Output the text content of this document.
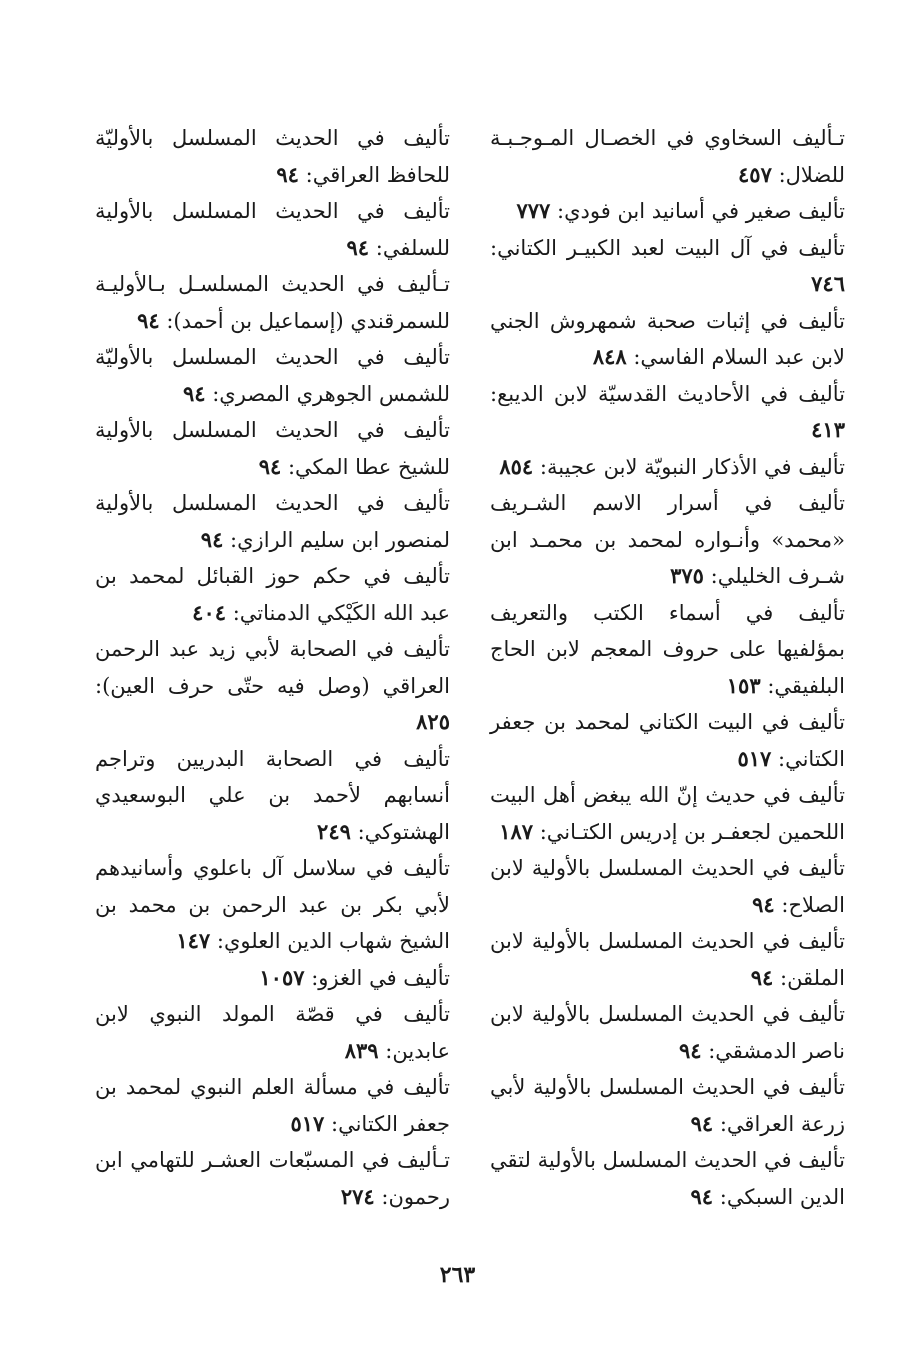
تـأليف السخاوي في الخصـال المـوجـبـة للضلال: ٤٥٧

تأليف صغير في أسانيد ابن فودي: ٧٧٧

تأليف في آل البيت لعبد الكبيـر الكتاني: ٧٤٦

تأليف في إثبات صحبة شمهروش الجني لابن عبد السلام الفاسي: ٨٤٨

تأليف في الأحاديث القدسيّة لابن الديبع: ٤١٣

تأليف في الأذكار النبويّة لابن عجيبة: ٨٥٤

تأليف في أسرار الاسم الشـريف «محمد» وأنـواره لمحمد بن محمـد ابن شـرف الخليلي: ٣٧٥

تأليف في أسماء الكتب والتعريف بمؤلفيها على حروف المعجم لابن الحاج البلفيقي: ١٥٣

تأليف في البيت الكتاني لمحمد بن جعفر الكتاني: ٥١٧

تأليف في حديث إنّ الله يبغض أهل البيت اللحمين لجعفـر بن إدريس الكتـاني: ١٨٧

تأليف في الحديث المسلسل بالأولية لابن الصلاح: ٩٤

تأليف في الحديث المسلسل بالأولية لابن الملقن: ٩٤

تأليف في الحديث المسلسل بالأولية لابن ناصر الدمشقي: ٩٤

تأليف في الحديث المسلسل بالأولية لأبي زرعة العراقي: ٩٤

تأليف في الحديث المسلسل بالأولية لتقي الدين السبكي: ٩٤

تأليف في الحديث المسلسل بالأوليّة للحافظ العراقي: ٩٤

تأليف في الحديث المسلسل بالأولية للسلفي: ٩٤

تـأليف في الحديث المسلسـل بـالأوليـة للسمرقندي (إسماعيل بن أحمد): ٩٤

تأليف في الحديث المسلسل بالأوليّة للشمس الجوهري المصري: ٩٤

تأليف في الحديث المسلسل بالأولية للشيخ عطا المكي: ٩٤

تأليف في الحديث المسلسل بالأولية لمنصور ابن سليم الرازي: ٩٤

تأليف في حكم حوز القبائل لمحمد بن عبد الله الكَيْكي الدمناتي: ٤٠٤

تأليف في الصحابة لأبي زيد عبد الرحمن العراقي (وصل فيه حتّى حرف العين): ٨٢٥

تأليف في الصحابة البدريين وتراجم أنسابهم لأحمد بن علي البوسعيدي الهشتوكي: ٢٤٩

تأليف في سلاسل آل باعلوي وأسانيدهم لأبي بكر بن عبد الرحمن بن محمد بن الشيخ شهاب الدين العلوي: ١٤٧

تأليف في الغزو: ١٠٥٧

تأليف في قصّة المولد النبوي لابن عابدين: ٨٣٩

تأليف في مسألة العلم النبوي لمحمد بن جعفر الكتاني: ٥١٧

تـأليف في المسبّعات العشـر للتهامي ابن رحمون: ٢٧٤

٢٦٣
